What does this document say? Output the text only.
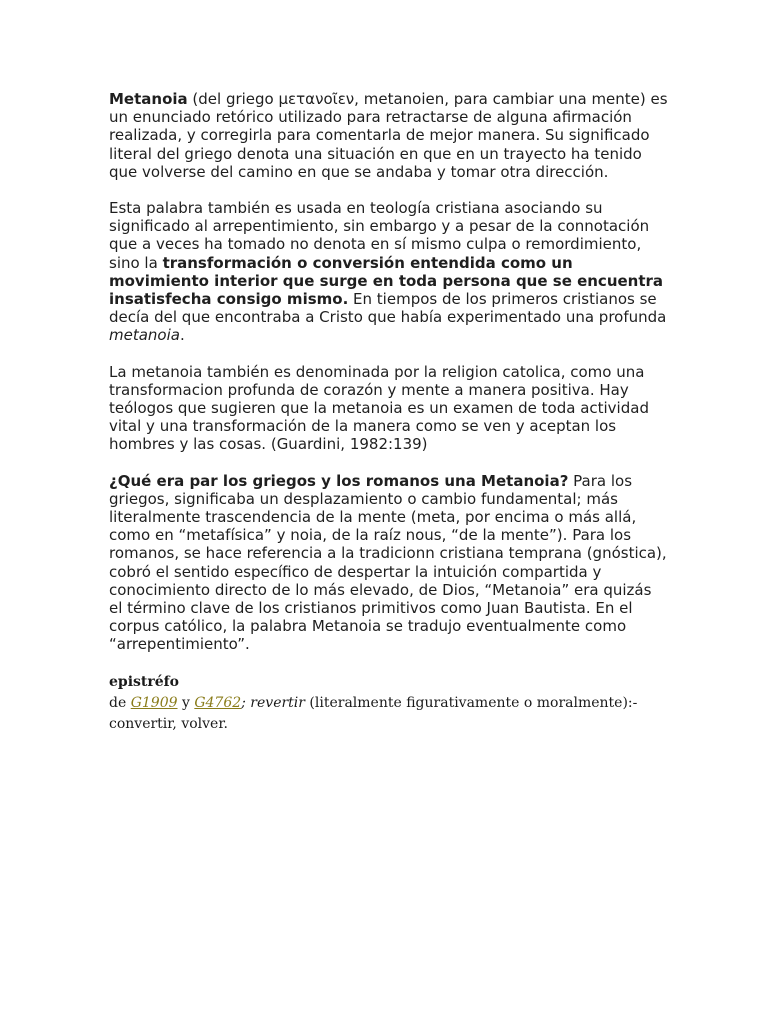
Metanoia (del griego μετανοῖεν, metanoien, para cambiar una mente) es un enunciado retórico utilizado para retractarse de alguna afirmación realizada, y corregirla para comentarla de mejor manera. Su significado literal del griego denota una situación en que en un trayecto ha tenido que volverse del camino en que se andaba y tomar otra dirección.

Esta palabra también es usada en teología cristiana asociando su significado al arrepentimiento, sin embargo y a pesar de la connotación que a veces ha tomado no denota en sí mismo culpa o remordimiento, sino la transformación o conversión entendida como un movimiento interior que surge en toda persona que se encuentra insatisfecha consigo mismo. En tiempos de los primeros cristianos se decía del que encontraba a Cristo que había experimentado una profunda metanoia.

La metanoia también es denominada por la religion catolica, como una transformacion profunda de corazón y mente a manera positiva. Hay teólogos que sugieren que la metanoia es un examen de toda actividad vital y una transformación de la manera como se ven y aceptan los hombres y las cosas. (Guardini, 1982:139)

¿Qué era par los griegos y los romanos una Metanoia? Para los griegos, significaba un desplazamiento o cambio fundamental; más literalmente trascendencia de la mente (meta, por encima o más allá, como en “metafísica” y noia, de la raíz nous, “de la mente”). Para los romanos, se hace referencia a la tradicionn cristiana temprana (gnóstica), cobró el sentido específico de despertar la intuición compartida y conocimiento directo de lo más elevado, de Dios, “Metanoia” era quizás el término clave de los cristianos primitivos como Juan Bautista. En el corpus católico, la palabra Metanoia se tradujo eventualmente como “arrepentimiento”.

epistréfo
de G1909 y G4762; revertir (literalmente figurativamente o moralmente):- convertir, volver.
